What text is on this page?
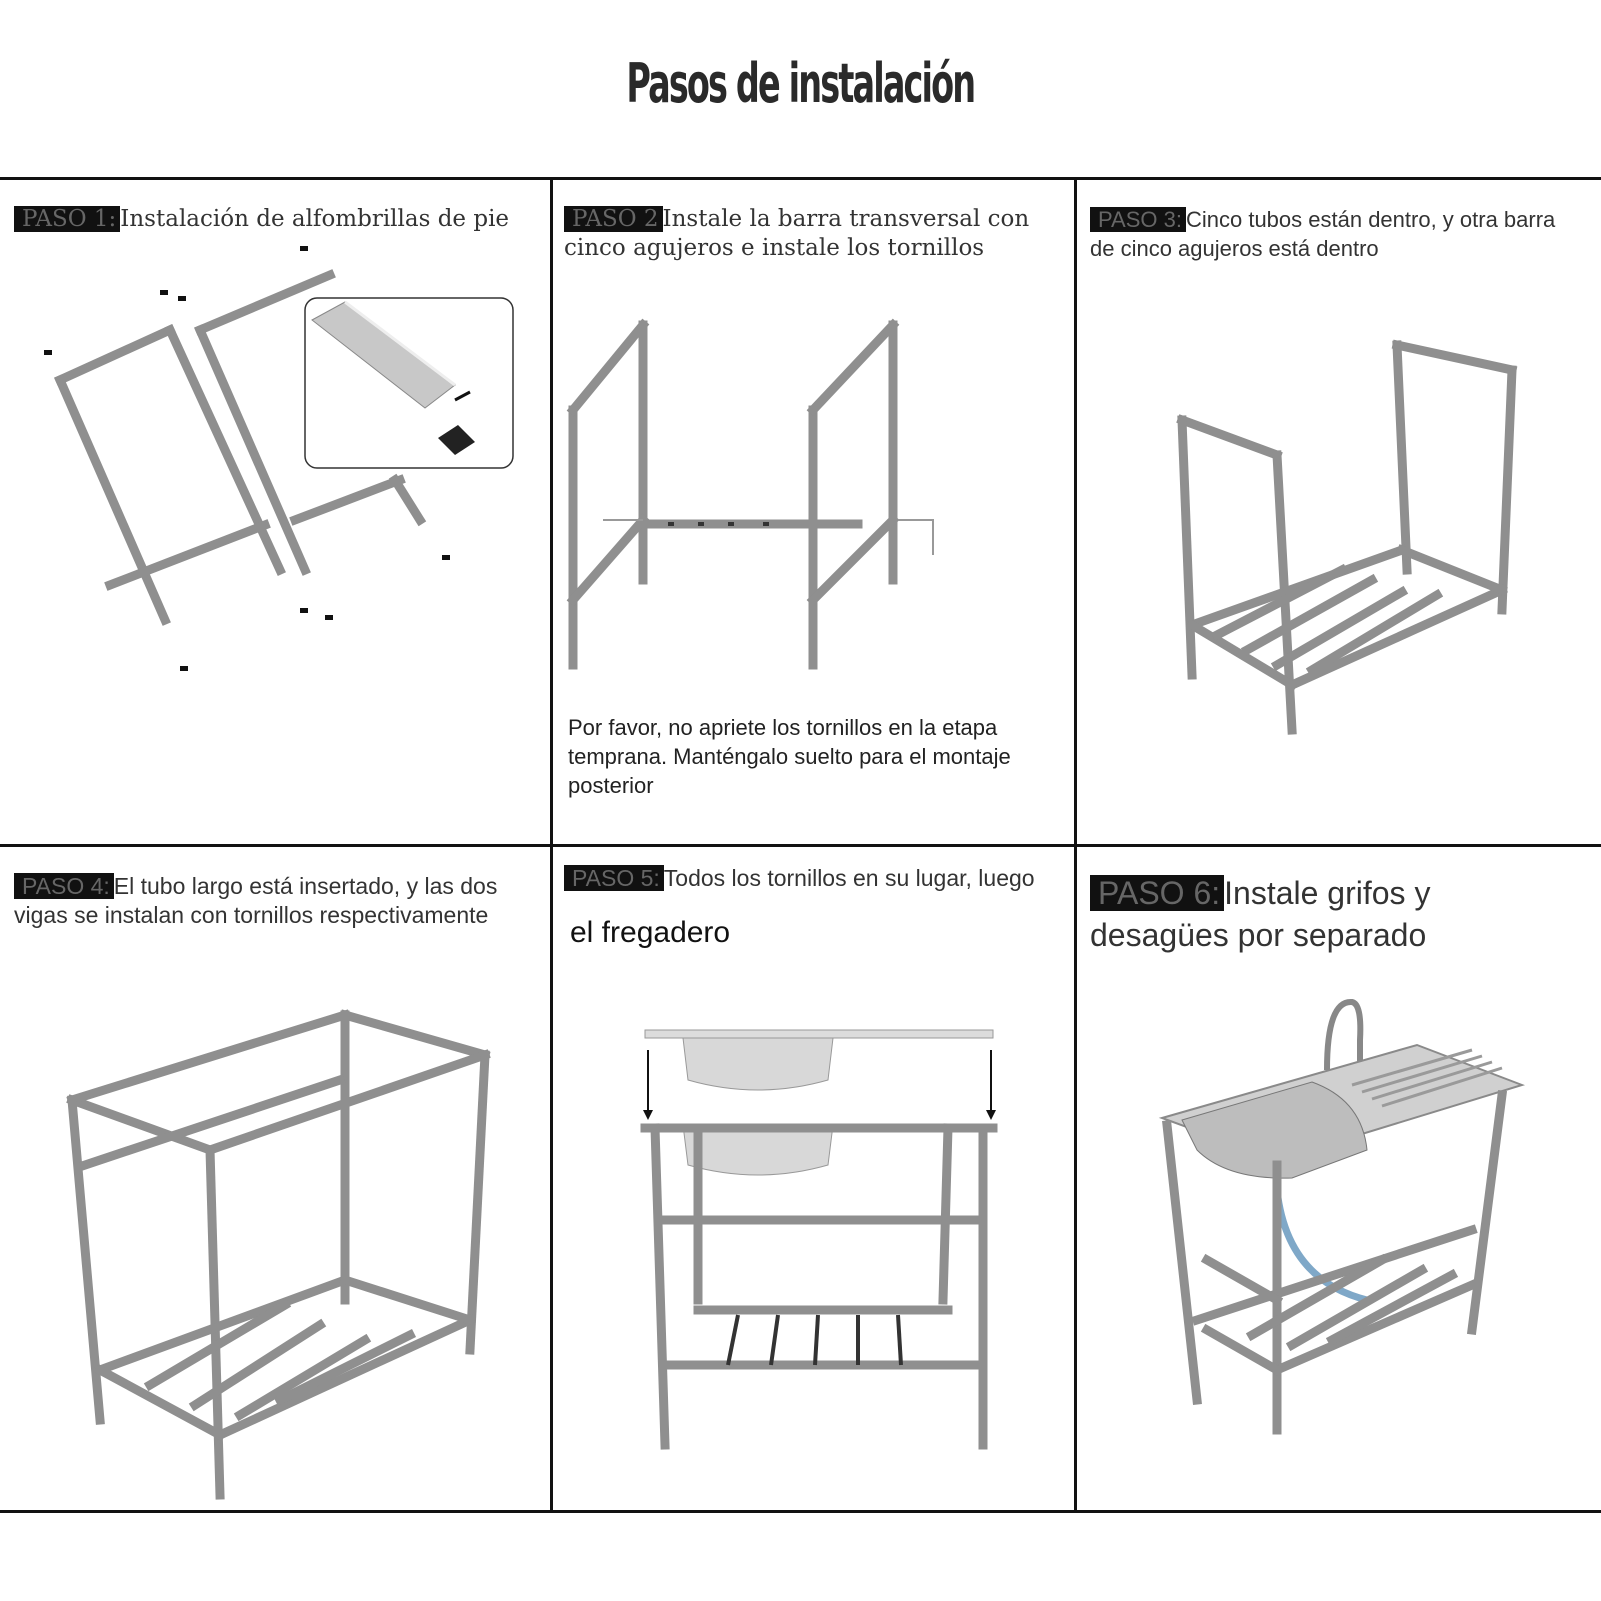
Pasos de instalación
PASO 1: Instalación de alfombrillas de pie	PASO 2 Instale la barra transversal con cinco agujeros e instale los tornillos
Por favor, no apriete los tornillos en la etapa temprana. Manténgalo suelto para el montaje posterior
PASO 3: Cinco tubos están dentro, y otra barra de cinco agujeros está dentro
PASO 4: El tubo largo está insertado, y las dos vigas se instalan con tornillos respectivamente
PASO 5: Todos los tornillos en su lugar, luego
el fregadero
PASO 6: Instale grifos y desagües por separado
